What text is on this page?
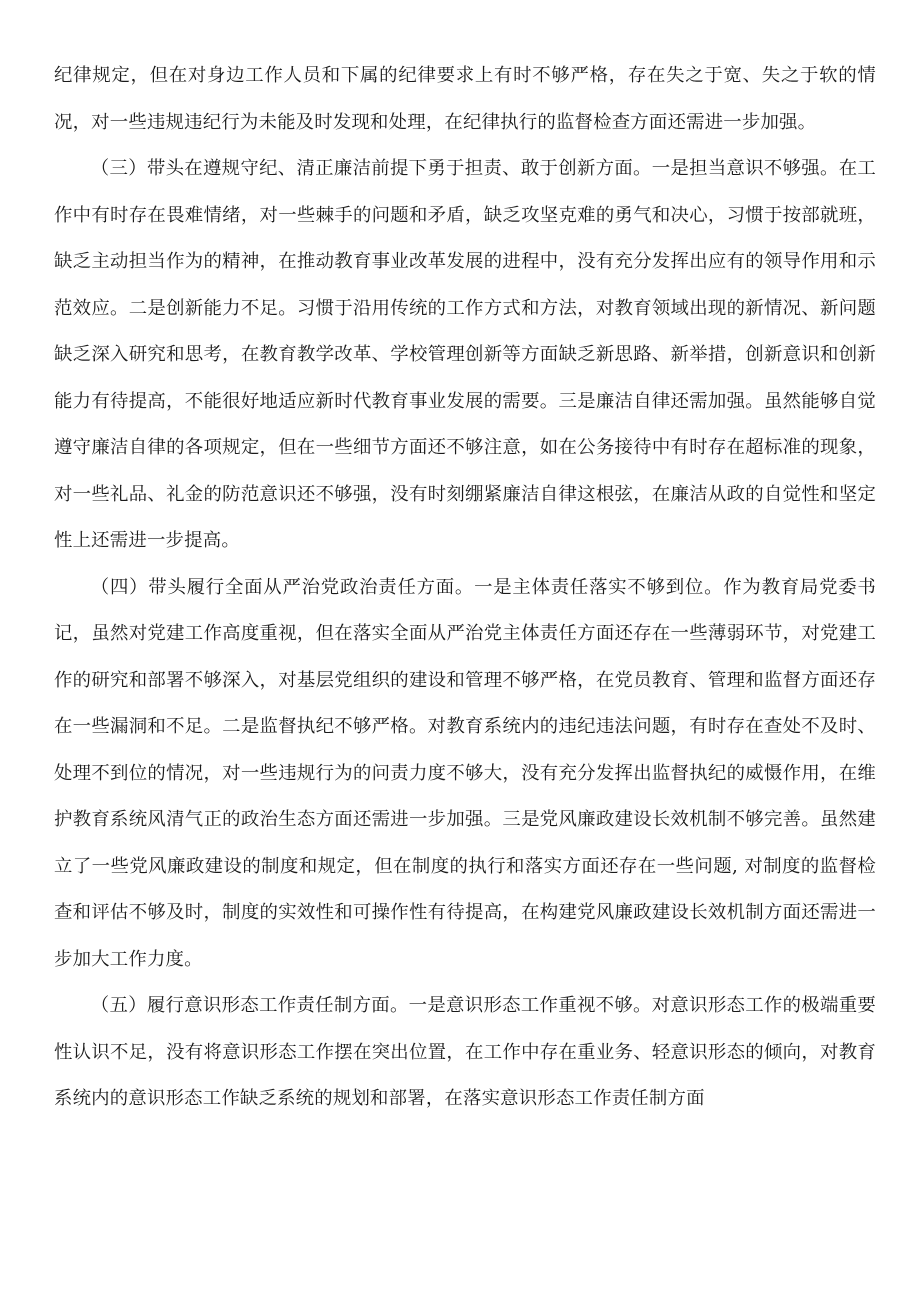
纪律规定，但在对身边工作人员和下属的纪律要求上有时不够严格，存在失之于宽、失之于软的情况，对一些违规违纪行为未能及时发现和处理，在纪律执行的监督检查方面还需进一步加强。

（三）带头在遵规守纪、清正廉洁前提下勇于担责、敢于创新方面。一是担当意识不够强。在工作中有时存在畏难情绪，对一些棘手的问题和矛盾，缺乏攻坚克难的勇气和决心，习惯于按部就班，缺乏主动担当作为的精神，在推动教育事业改革发展的进程中，没有充分发挥出应有的领导作用和示范效应。二是创新能力不足。习惯于沿用传统的工作方式和方法，对教育领域出现的新情况、新问题缺乏深入研究和思考，在教育教学改革、学校管理创新等方面缺乏新思路、新举措，创新意识和创新能力有待提高，不能很好地适应新时代教育事业发展的需要。三是廉洁自律还需加强。虽然能够自觉遵守廉洁自律的各项规定，但在一些细节方面还不够注意，如在公务接待中有时存在超标准的现象，对一些礼品、礼金的防范意识还不够强，没有时刻绷紧廉洁自律这根弦，在廉洁从政的自觉性和坚定性上还需进一步提高。

（四）带头履行全面从严治党政治责任方面。一是主体责任落实不够到位。作为教育局党委书记，虽然对党建工作高度重视，但在落实全面从严治党主体责任方面还存在一些薄弱环节，对党建工作的研究和部署不够深入，对基层党组织的建设和管理不够严格，在党员教育、管理和监督方面还存在一些漏洞和不足。二是监督执纪不够严格。对教育系统内的违纪违法问题，有时存在查处不及时、处理不到位的情况，对一些违规行为的问责力度不够大，没有充分发挥出监督执纪的威慑作用，在维护教育系统风清气正的政治生态方面还需进一步加强。三是党风廉政建设长效机制不够完善。虽然建立了一些党风廉政建设的制度和规定，但在制度的执行和落实方面还存在一些问题, 对制度的监督检查和评估不够及时，制度的实效性和可操作性有待提高，在构建党风廉政建设长效机制方面还需进一步加大工作力度。

（五）履行意识形态工作责任制方面。一是意识形态工作重视不够。对意识形态工作的极端重要性认识不足，没有将意识形态工作摆在突出位置，在工作中存在重业务、轻意识形态的倾向，对教育系统内的意识形态工作缺乏系统的规划和部署，在落实意识形态工作责任制方面
